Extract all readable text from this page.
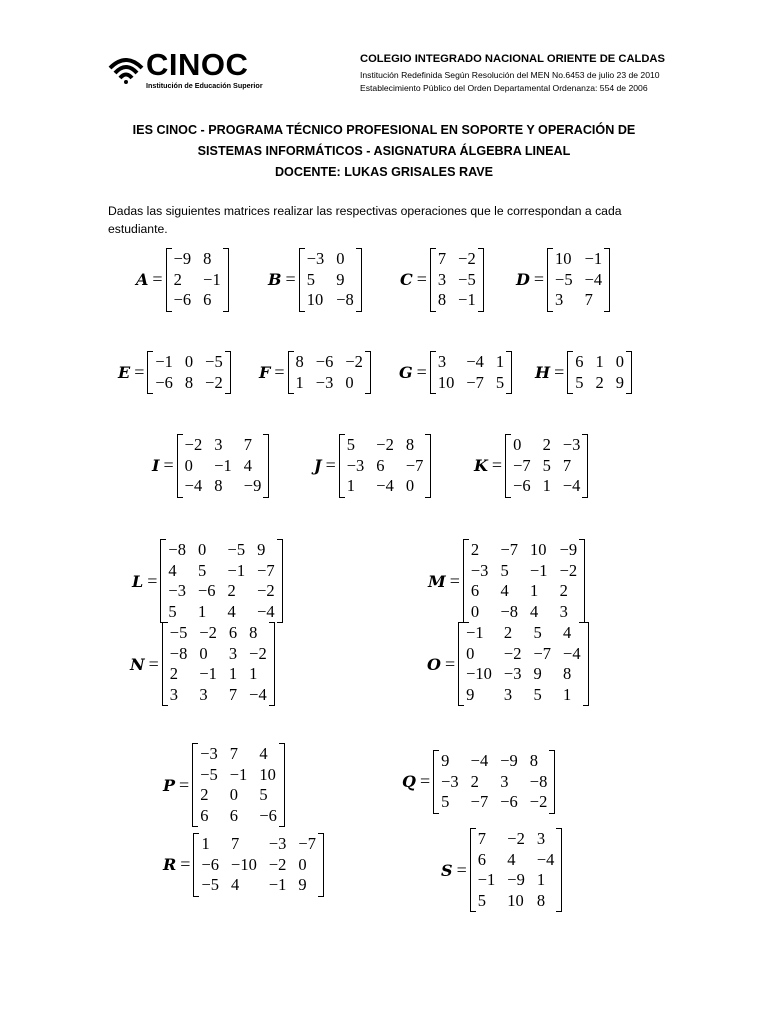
CINOC
Institución de Educación Superior
COLEGIO INTEGRADO NACIONAL ORIENTE DE CALDAS
Institución Redefinida Según Resolución del MEN No.6453 de julio 23 de 2010
Establecimiento Público del Orden Departamental Ordenanza: 554 de 2006
IES CINOC - PROGRAMA TÉCNICO PROFESIONAL EN SOPORTE Y OPERACIÓN DE
SISTEMAS INFORMÁTICOS - ASIGNATURA ÁLGEBRA LINEAL
DOCENTE: LUKAS GRISALES RAVE
Dadas las siguientes matrices realizar las respectivas operaciones que le correspondan a cada estudiante.
A =
−9 8
2	−1
−6 6
B =
−3 0
5	9
10 −8
C =
7 −2
3 −5
8 −1
D =
10 −1
−5 −4
3	7
E =
−1 0 −5
−6 8 −2 F =
8 −6 −2
1 −3 0	G =
3	−4 1
10 −7 5 H =
6 1 0
5 2 9
I =
−2 3	7
0	−1 4
−4 8	−9
J =
5	−2 8
−3 6	−7
1	−4 0
K =
0	2 −3
−7 5 7
−6 1 −4
L =
−8 0	−5 9
4	5	−1 −7
−3 −6 2	−2
5	1	4	−4
M =
2	−7 10 −9
−3 5	−1 −2
6	4	1	2
0	−8 4	3
N =
−5 −2 6 8
−8 0	3 −2
2	−1 1 1
3	3	7 −4
O =
−1	2	5	4
0	−2 −7 −4
−10 −3 9	8
9	3	5	1
P =
−3 7	4
−5 −1 10
2	0	5
6	6	−6
Q =
9	−4 −9 8
−3 2	3	−8
5	−7 −6 −2
R =
1	7	−3 −7
−6 −10 −2 0
−5 4	−1 9
S =
7	−2 3
6	4	−4
−1 −9 1
5	10 8
